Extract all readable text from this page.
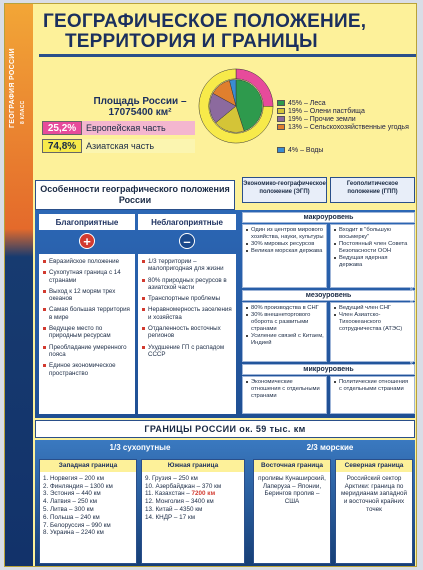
ГЕОГРАФИЯ РОССИИ 8 КЛАСС
ГЕОГРАФИЧЕСКОЕ ПОЛОЖЕНИЕ,
ТЕРРИТОРИЯ И ГРАНИЦЫ
Площадь России –
17075400 км²
25,2%	Европейская часть
74,8%	Азиатская часть
45% – Леса
19% – Олени пастбища
19% – Прочие земли
13% – Сельскохозяйственные угодья
4% – Воды
Особенности географического положения России
Экономико-географическое положение (ЭГП)
Геополитическое положение (ГПП)
Благоприятные	Неблагоприятные
+	–
Евразийское положение
Сухопутная граница с 14 странами
Выход к 12 морям трех океанов
Самая большая территория в мире
Ведущее место по природным ресурсам
Преобладание умеренного пояса
Единое экономическое пространство
1/3 территории – малопригодная для жизни
80% природных ресурсов в азиатской части
Транспортные проблемы
Неравномерность заселения и хозяйства
Отдаленность восточных регионов
Ухудшение ГП с распадом СССР
макроуровень
Один из центров мирового хозяйства, науки, культуры
30% мировых ресурсов
Великая морская держава
Входит в "большую восьмерку"
Постоянный член Совета Безопасности ООН
Ведущая ядерная держава
мезоуровень
80% производства в СНГ
30% внешнеторгового оборота с развитыми странами
Усиление связей с Китаем, Индией
Ведущий член СНГ
Член Азиатско-Тихоокеанского сотрудничества (АТЭС)
микроуровень
Экономические отношения с отдельными странами
Политические отношения с отдельными странами
1. ГЕОГРАФИЧЕСКОЕ ПОЛОЖЕНИЕ, ТЕРРИТОРИЯ И ГРАНИЦЫ
ГРАНИЦЫ РОССИИ ок. 59 тыс. км
1/3 сухопутные	2/3 морские
Западная граница
1. Норвегия – 200 км
2. Финляндия – 1300 км
3. Эстония – 440 км
4. Латвия – 250 км
5. Литва – 300 км
6. Польша – 240 км
7. Белоруссия – 990 км
8. Украина – 2240 км
Южная граница
9. Грузия – 250 км
10. Азербайджан – 370 км
11. Казахстан – 7200 км
12. Монголия – 3400 км
13. Китай – 4350 км
14. КНДР – 17 км
Восточная граница
проливы Кунаширский, Лаперуза – Японии, Берингов пролив – США
Северная граница
Российский сектор Арктики: граница по меридианам западной и восточной крайних точек
